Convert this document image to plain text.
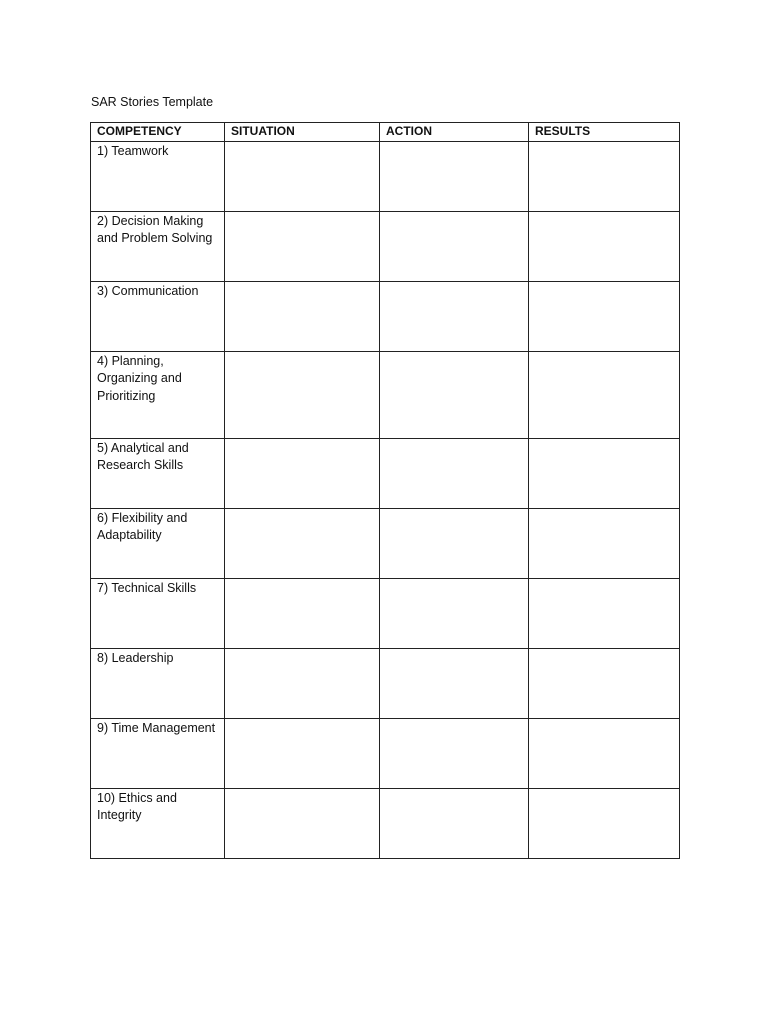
SAR Stories Template
COMPETENCY	SITUATION	ACTION	RESULTS
1) Teamwork			
2) Decision Making and Problem Solving			
3) Communication			
4) Planning, Organizing and Prioritizing			
5) Analytical and Research Skills			
6) Flexibility and Adaptability			
7) Technical Skills			
8) Leadership			
9) Time Management			
10) Ethics and Integrity			
